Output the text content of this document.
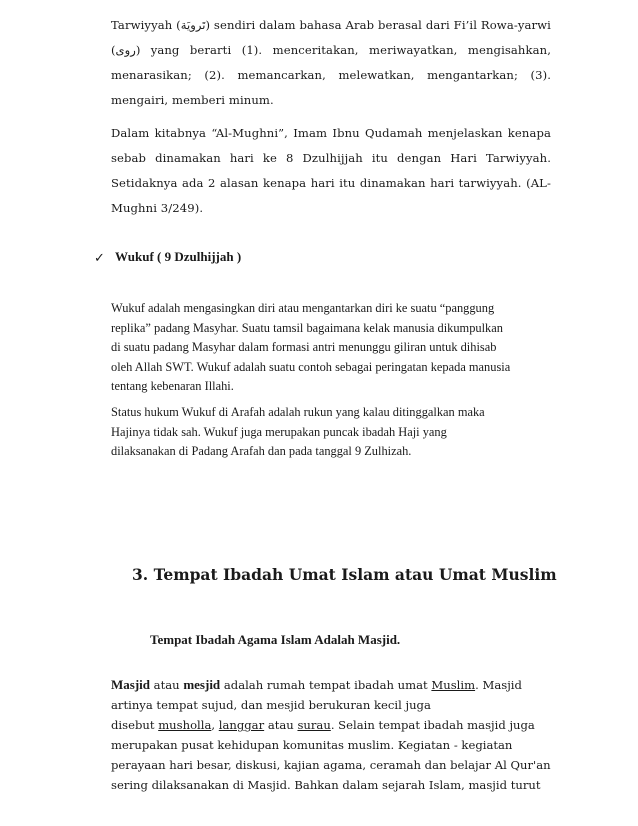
Tarwiyyah (تَرويَة) sendiri dalam bahasa Arab berasal dari Fi’il Rowa-yarwi
(روى) yang berarti (1). menceritakan, meriwayatkan, mengisahkan,
menarasikan; (2). memancarkan, melewatkan, mengantarkan; (3).
mengairi, memberi minum.
Dalam kitabnya “Al-Mughni”, Imam Ibnu Qudamah menjelaskan kenapa
sebab dinamakan hari ke 8 Dzulhijjah itu dengan Hari Tarwiyyah.
Setidaknya ada 2 alasan kenapa hari itu dinamakan hari tarwiyyah. (AL-
Mughni 3/249).
✓ Wukuf ( 9 Dzulhijjah )
Wukuf adalah mengasingkan diri atau mengantarkan diri ke suatu “panggung
replika” padang Masyhar. Suatu tamsil bagaimana kelak manusia dikumpulkan
di suatu padang Masyhar dalam formasi antri menunggu giliran untuk dihisab
oleh Allah SWT. Wukuf adalah suatu contoh sebagai peringatan kepada manusia
tentang kebenaran Illahi.
Status hukum Wukuf di Arafah adalah rukun yang kalau ditinggalkan maka
Hajinya tidak sah. Wukuf juga merupakan puncak ibadah Haji yang
dilaksanakan di Padang Arafah dan pada tanggal 9 Zulhizah.
3. Tempat Ibadah Umat Islam atau Umat Muslim
Tempat Ibadah Agama Islam Adalah Masjid.
Masjid atau mesjid adalah rumah tempat ibadah umat Muslim. Masjid
artinya tempat sujud, dan mesjid berukuran kecil juga
disebut musholla, langgar atau surau. Selain tempat ibadah masjid juga
merupakan pusat kehidupan komunitas muslim. Kegiatan - kegiatan
perayaan hari besar, diskusi, kajian agama, ceramah dan belajar Al Qur'an
sering dilaksanakan di Masjid. Bahkan dalam sejarah Islam, masjid turut
